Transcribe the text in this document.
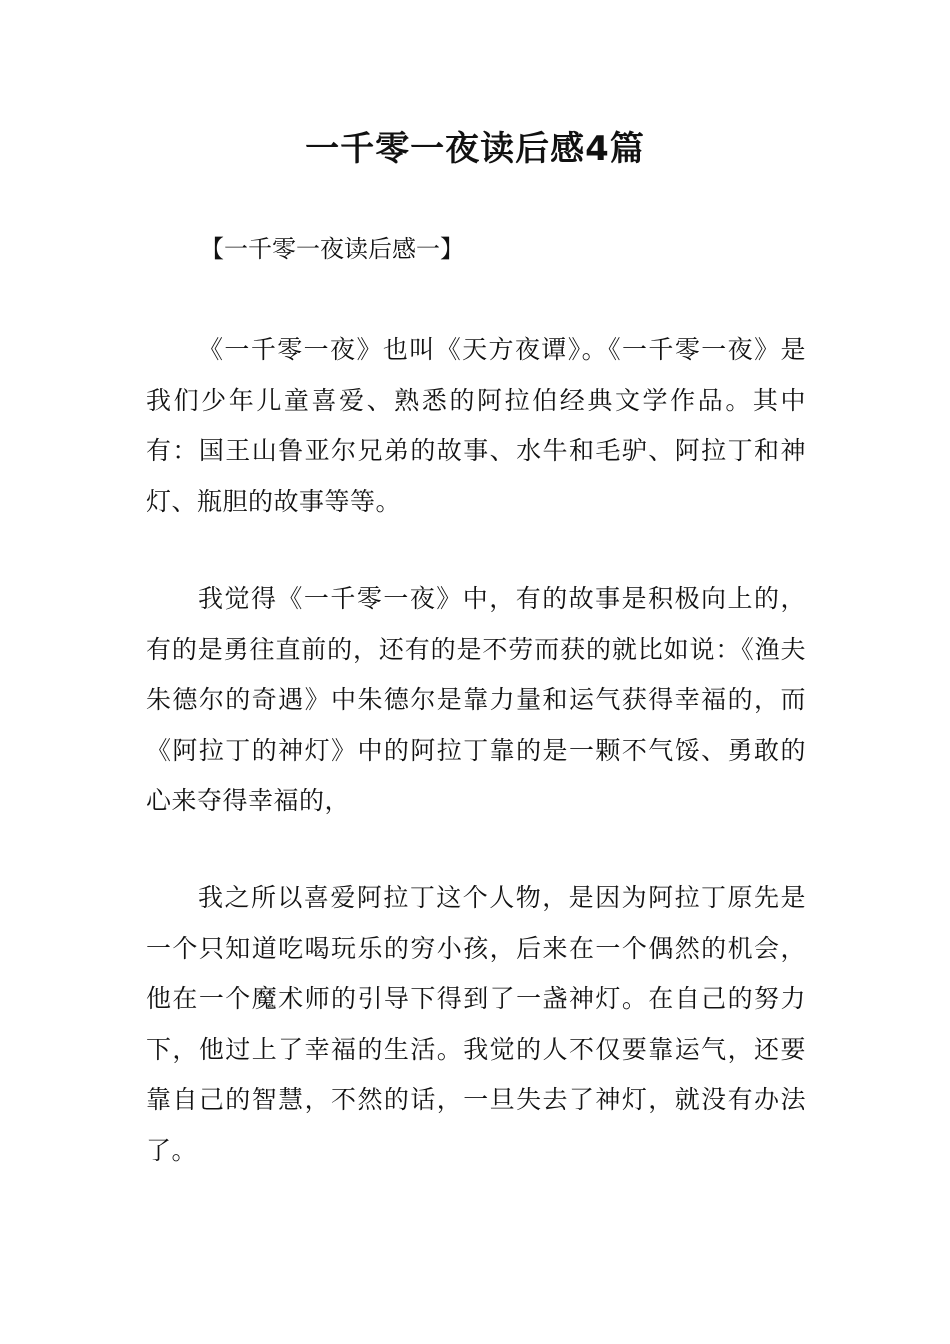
一千零一夜读后感4篇
【一千零一夜读后感一】

《一千零一夜》也叫《天方夜谭》。《一千零一夜》是我们少年儿童喜爱、熟悉的阿拉伯经典文学作品。其中有：国王山鲁亚尔兄弟的故事、水牛和毛驴、阿拉丁和神灯、瓶胆的故事等等。

我觉得《一千零一夜》中，有的故事是积极向上的，有的是勇往直前的，还有的是不劳而获的就比如说：《渔夫朱德尔的奇遇》中朱德尔是靠力量和运气获得幸福的，而《阿拉丁的神灯》中的阿拉丁靠的是一颗不气馁、勇敢的心来夺得幸福的，

我之所以喜爱阿拉丁这个人物，是因为阿拉丁原先是一个只知道吃喝玩乐的穷小孩，后来在一个偶然的机会，他在一个魔术师的引导下得到了一盏神灯。在自己的努力下，他过上了幸福的生活。我觉的人不仅要靠运气，还要靠自己的智慧，不然的话，一旦失去了神灯，就没有办法了。
